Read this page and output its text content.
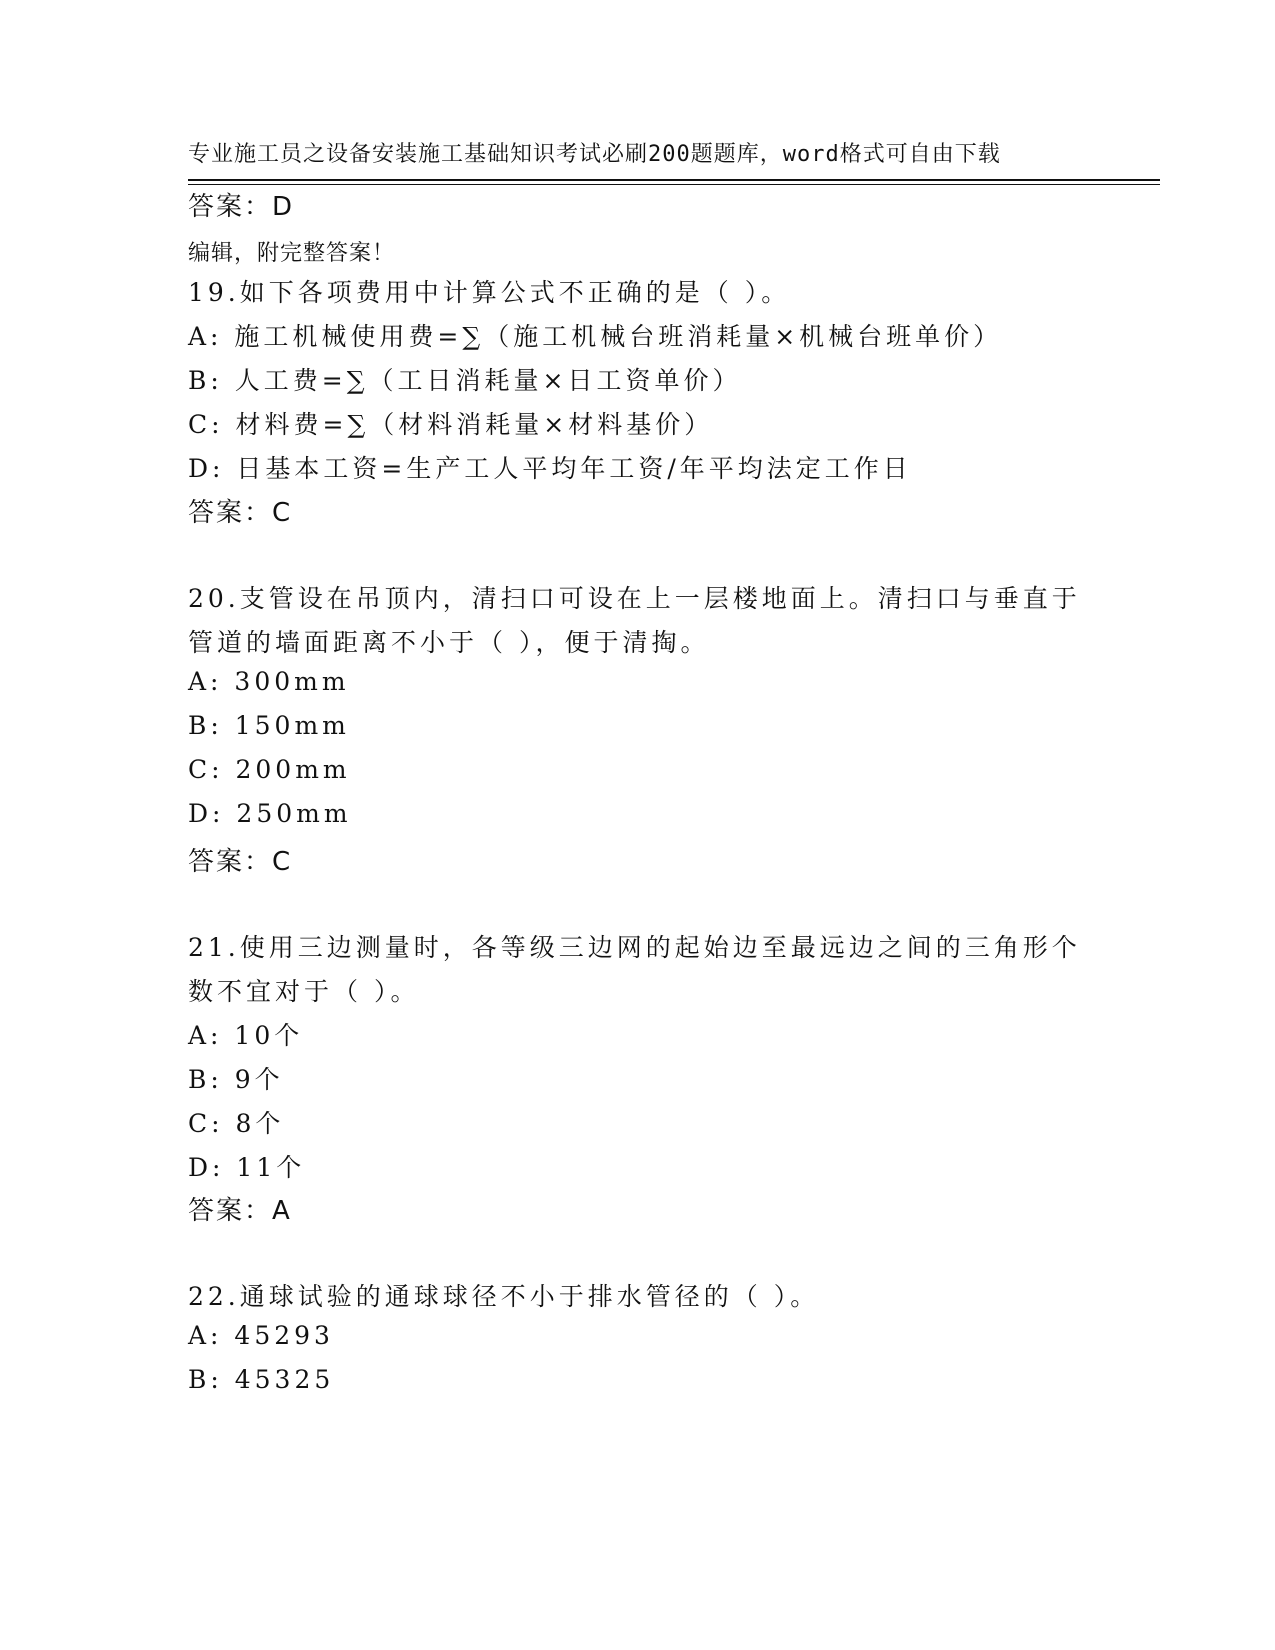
专业施工员之设备安装施工基础知识考试必刷200题题库，word格式可自由下载

编辑，附完整答案！

答案：D
19.如下各项费用中计算公式不正确的是（ ）。
A: 施工机械使用费=∑（施工机械台班消耗量×机械台班单价）
B: 人工费=∑（工日消耗量×日工资单价）
C: 材料费=∑（材料消耗量×材料基价）
D: 日基本工资=生产工人平均年工资/年平均法定工作日
答案：C
20.支管设在吊顶内，清扫口可设在上一层楼地面上。清扫口与垂直于
管道的墙面距离不小于（ ），便于清掏。
A: 300mm
B: 150mm
C: 200mm
D: 250mm
答案：C
21.使用三边测量时，各等级三边网的起始边至最远边之间的三角形个
数不宜对于（ ）。
A: 10个
B: 9个
C: 8个
D: 11个
答案：A
22.通球试验的通球球径不小于排水管径的（ ）。
A: 45293
B: 45325
